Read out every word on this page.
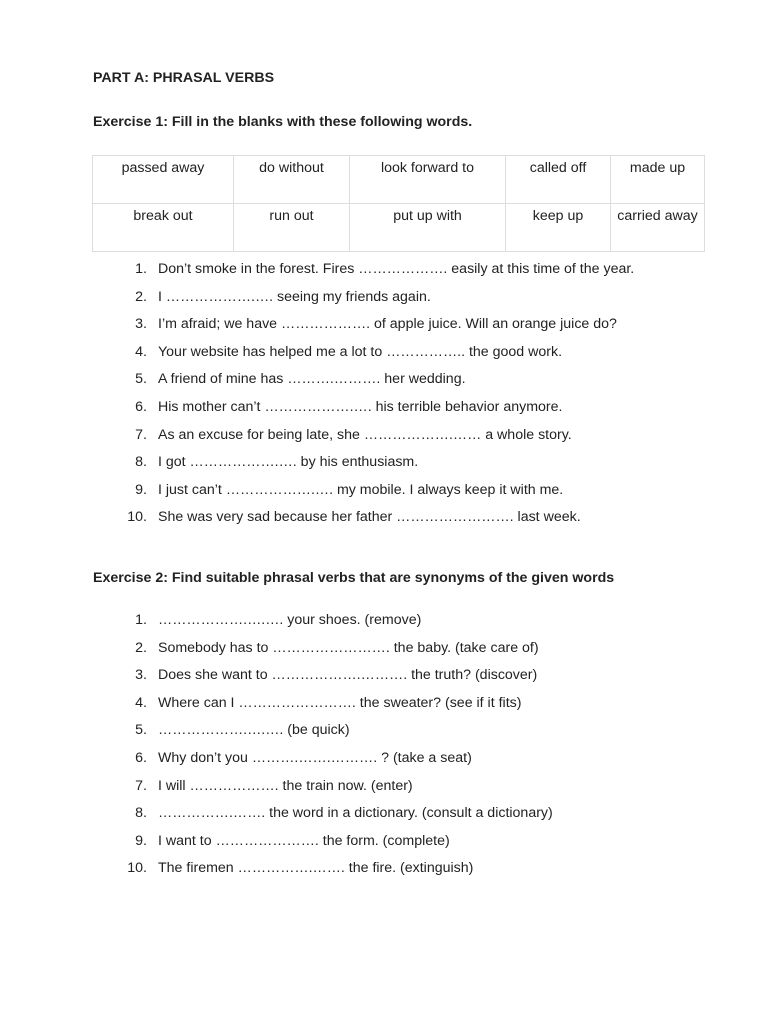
PART A: PHRASAL VERBS
Exercise 1: Fill in the blanks with these following words.
passed away	do without	look forward to	called off	made up
break out	run out	put up with	keep up	carried away
1. Don’t smoke in the forest. Fires ………………. easily at this time of the year.
2. I ……………….…. seeing my friends again.
3. I’m afraid; we have ………………. of apple juice. Will an orange juice do?
4. Your website has helped me a lot to …………….. the good work.
5. A friend of mine has ……….………. her wedding.
6. His mother can’t ……………….…. his terrible behavior anymore.
7. As an excuse for being late, she ……………….…… a whole story.
8. I got ……………….…. by his enthusiasm.
9. I just can’t ……………….…. my mobile. I always keep it with me.
10. She was very sad because her father ……………………. last week.
Exercise 2: Find suitable phrasal verbs that are synonyms of the given words
1. ……………….….…. your shoes. (remove)
2. Somebody has to ……………………. the baby. (take care of)
3. Does she want to ……………….………. the truth? (discover)
4. Where can I ……………………. the sweater? (see if it fits)
5. ……………….….…. (be quick)
6. Why don’t you ……….…….………. ? (take a seat)
7. I will ………………. the train now. (enter)
8. …………….……. the word in a dictionary. (consult a dictionary)
9. I want to …………………. the form. (complete)
10. The firemen …………….……. the fire. (extinguish)
